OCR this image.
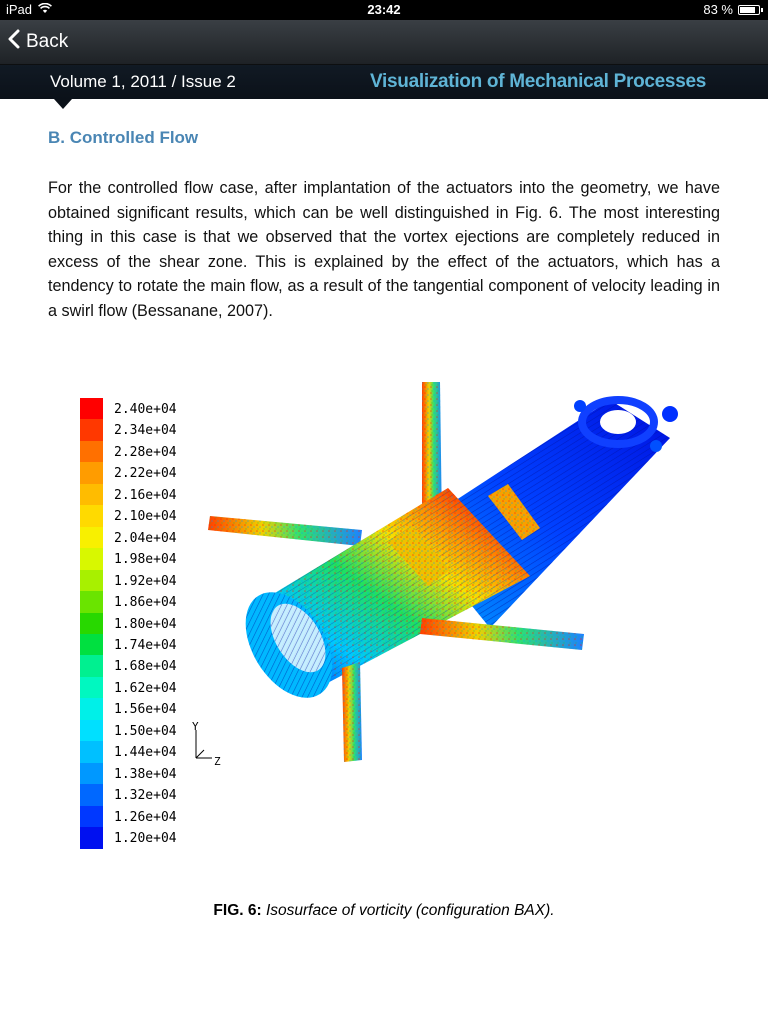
iPad	23:42	83 %
Back
Volume 1, 2011 / Issue 2	Visualization of Mechanical Processes
B. Controlled Flow

For the controlled flow case, after implantation of the actuators into the geometry, we have obtained significant results, which can be well distinguished in Fig. 6. The most interesting thing in this case is that we observed that the vortex ejections are completely reduced in excess of the shear zone. This is explained by the effect of the actuators, which has a tendency to rotate the main flow, as a result of the tangential component of velocity leading in a swirl flow (Bessanane, 2007).

2.40e+04
2.34e+04
2.28e+04
2.22e+04
2.16e+04
2.10e+04
2.04e+04
1.98e+04
1.92e+04
1.86e+04
1.80e+04
1.74e+04
1.68e+04
1.62e+04
1.56e+04
1.50e+04
1.44e+04
1.38e+04
1.32e+04
1.26e+04
1.20e+04
Y
Z
FIG. 6: Isosurface of vorticity (configuration BAX).
